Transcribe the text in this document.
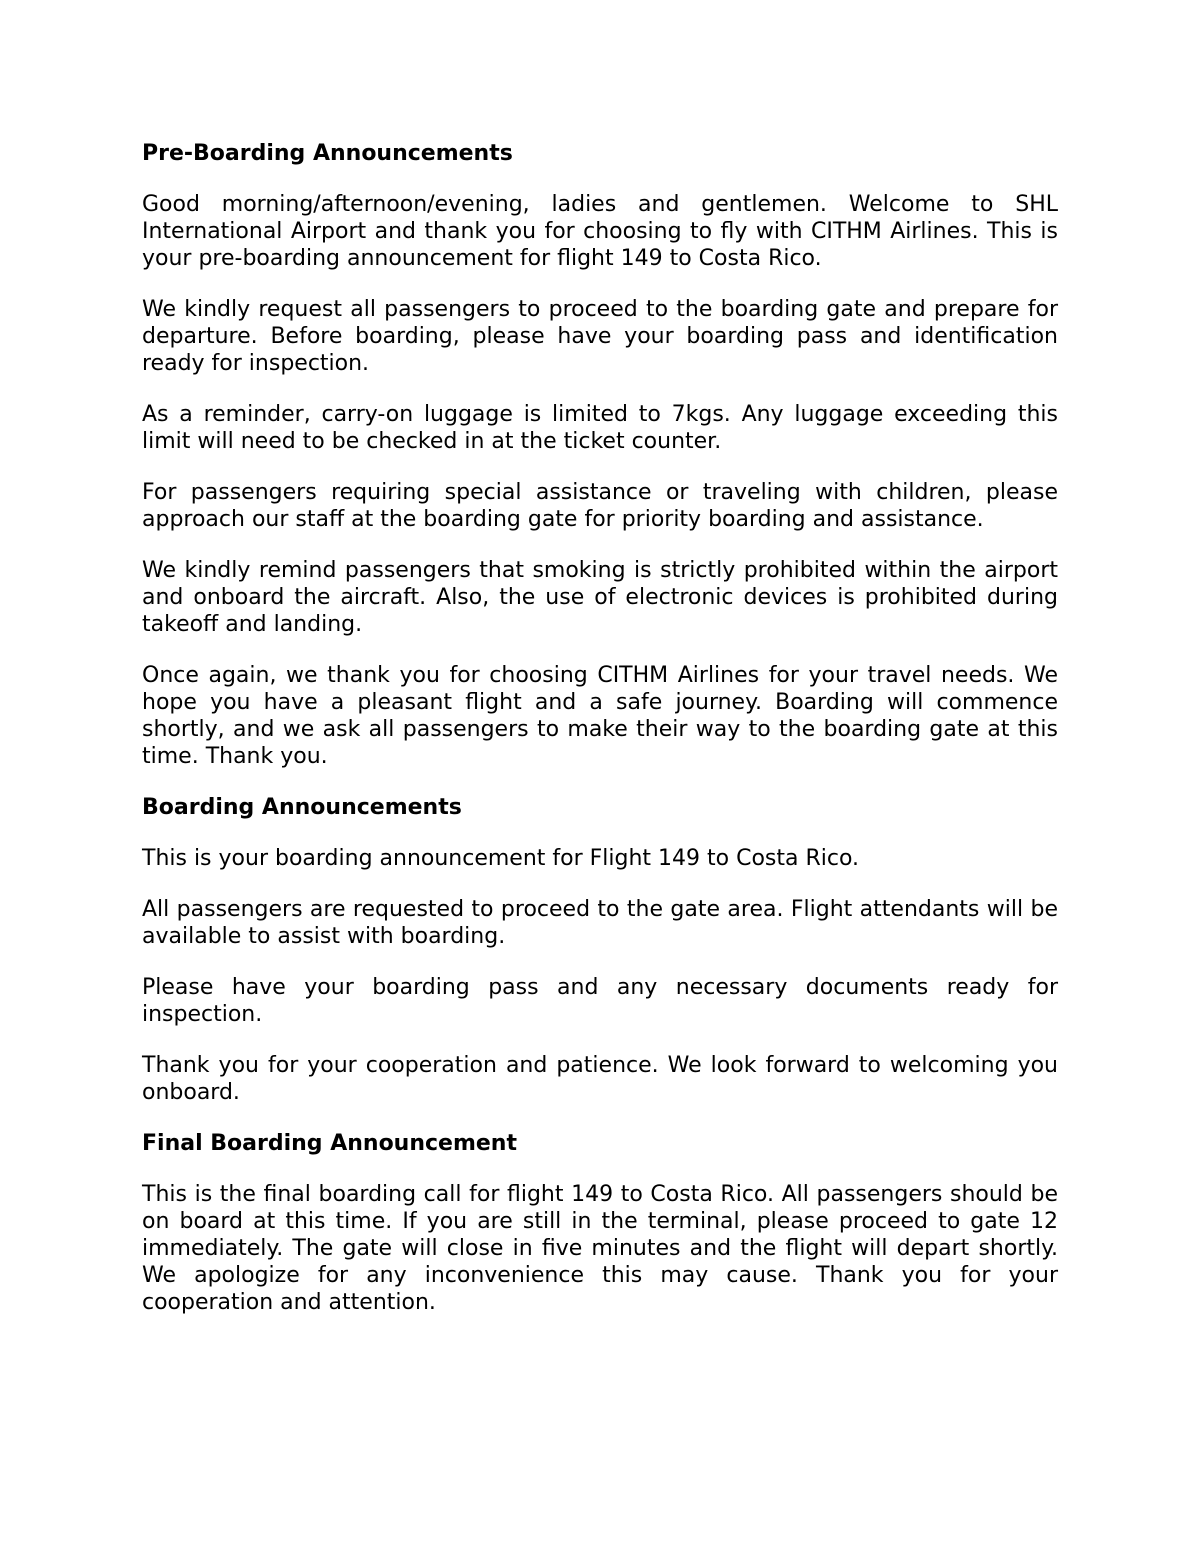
Pre-Boarding Announcements
Good morning/afternoon/evening, ladies and gentlemen. Welcome to SHL International Airport and thank you for choosing to fly with CITHM Airlines. This is your pre-boarding announcement for flight 149 to Costa Rico.
We kindly request all passengers to proceed to the boarding gate and prepare for departure. Before boarding, please have your boarding pass and identification ready for inspection.
As a reminder, carry-on luggage is limited to 7kgs. Any luggage exceeding this limit will need to be checked in at the ticket counter.
For passengers requiring special assistance or traveling with children, please approach our staff at the boarding gate for priority boarding and assistance.
We kindly remind passengers that smoking is strictly prohibited within the airport and onboard the aircraft. Also, the use of electronic devices is prohibited during takeoff and landing.
Once again, we thank you for choosing CITHM Airlines for your travel needs. We hope you have a pleasant flight and a safe journey. Boarding will commence shortly, and we ask all passengers to make their way to the boarding gate at this time. Thank you.
Boarding Announcements
This is your boarding announcement for Flight 149 to Costa Rico.
All passengers are requested to proceed to the gate area. Flight attendants will be available to assist with boarding.
Please have your boarding pass and any necessary documents ready for inspection.
Thank you for your cooperation and patience. We look forward to welcoming you onboard.
Final Boarding Announcement
This is the final boarding call for flight 149 to Costa Rico. All passengers should be on board at this time. If you are still in the terminal, please proceed to gate 12 immediately. The gate will close in five minutes and the flight will depart shortly. We apologize for any inconvenience this may cause. Thank you for your cooperation and attention.
